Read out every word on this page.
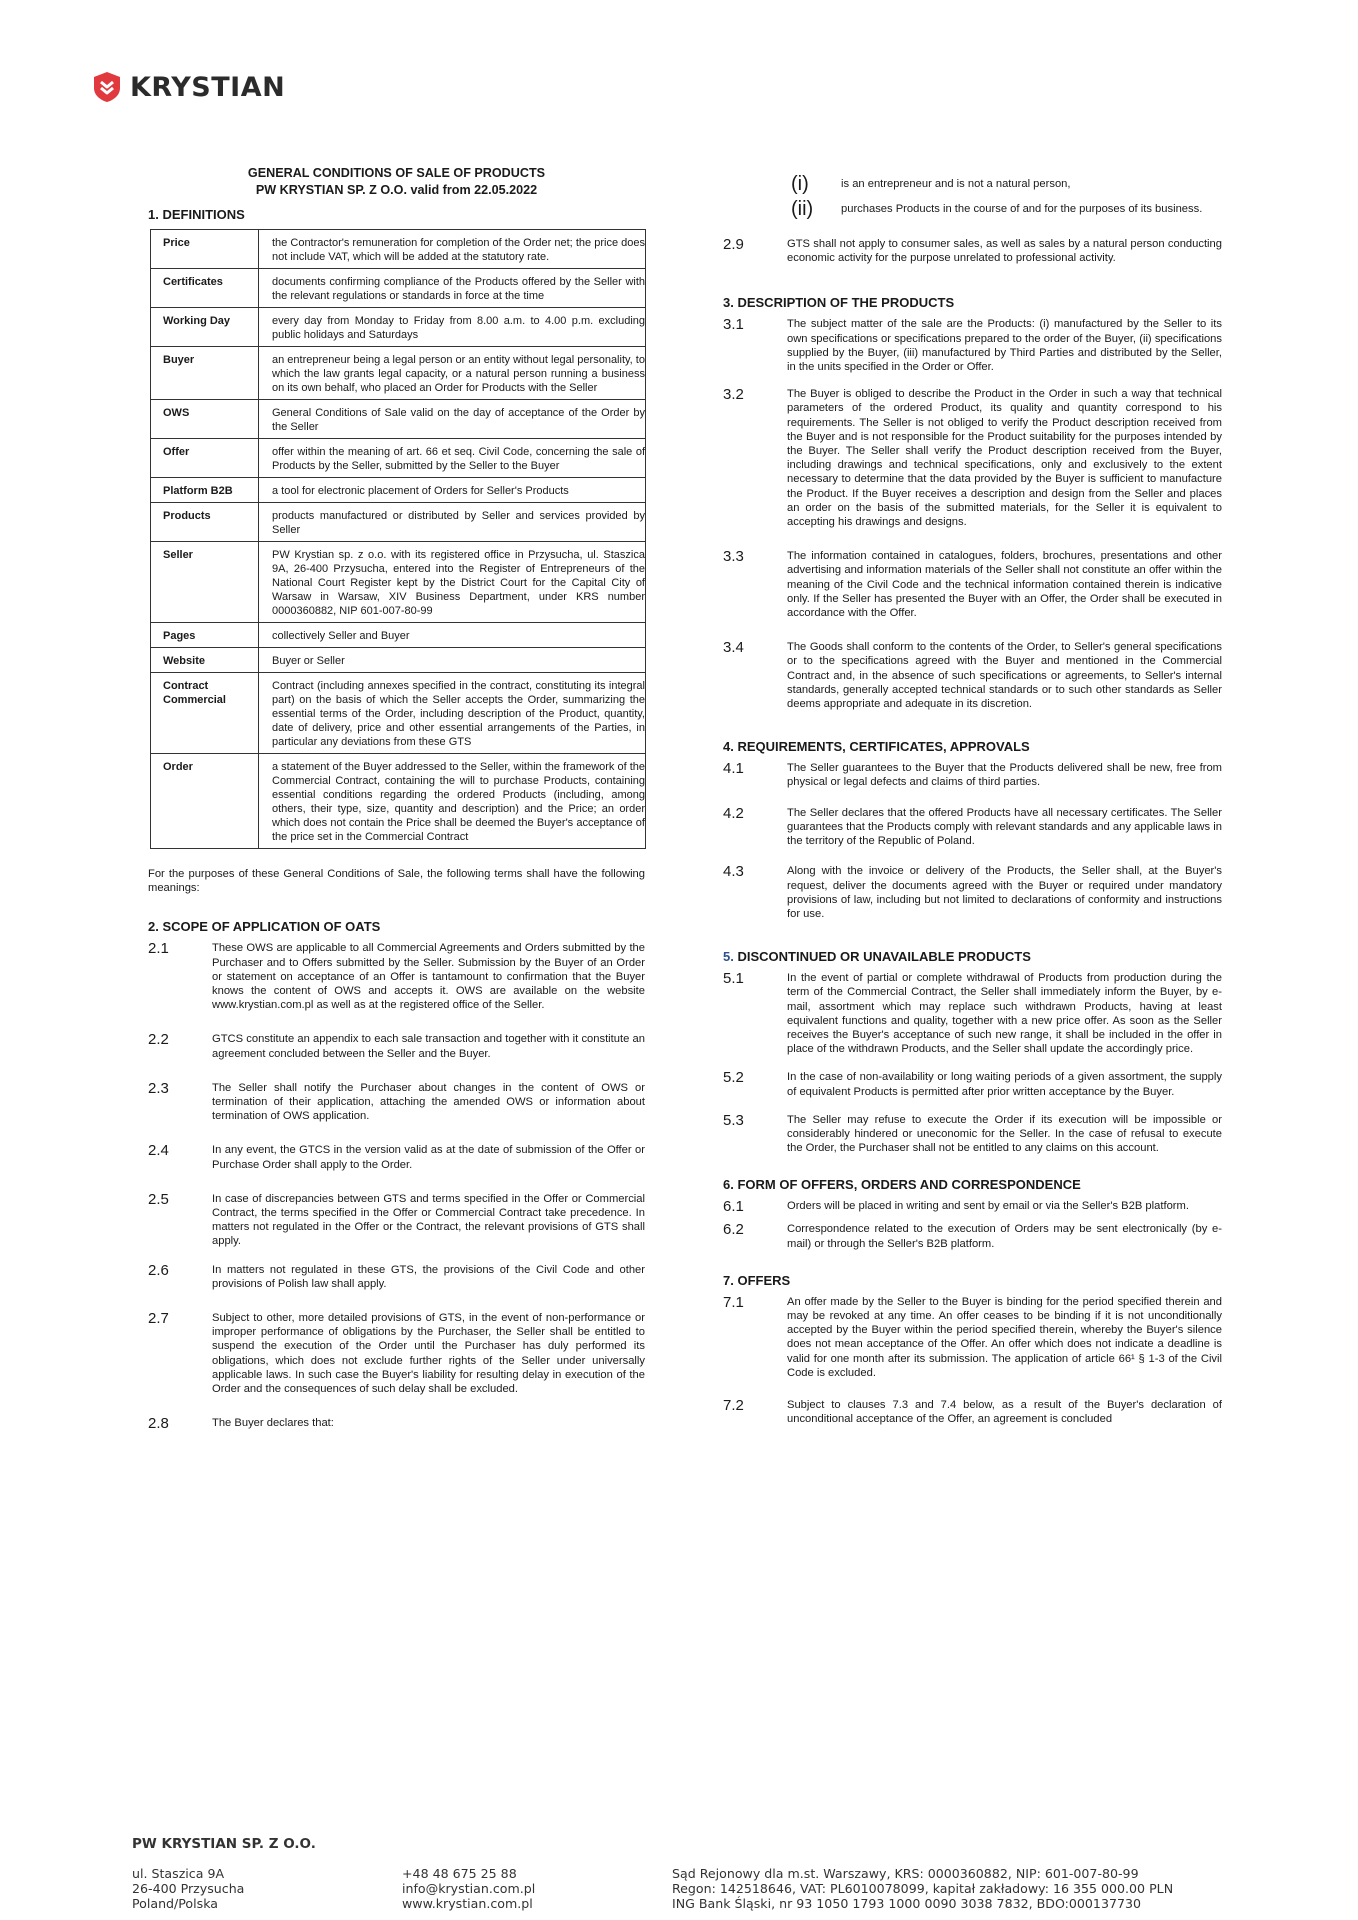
KRYSTIAN
GENERAL CONDITIONS OF SALE OF PRODUCTS
PW KRYSTIAN SP. Z O.O. valid from 22.05.2022
1. DEFINITIONS
Price	the Contractor's remuneration for completion of the Order net; the price does not include VAT, which will be added at the statutory rate.
Certificates	documents confirming compliance of the Products offered by the Seller with the relevant regulations or standards in force at the time
Working Day	every day from Monday to Friday from 8.00 a.m. to 4.00 p.m. excluding public holidays and Saturdays
Buyer	an entrepreneur being a legal person or an entity without legal personality, to which the law grants legal capacity, or a natural person running a business on its own behalf, who placed an Order for Products with the Seller
OWS	General Conditions of Sale valid on the day of acceptance of the Order by the Seller
Offer	offer within the meaning of art. 66 et seq. Civil Code, concerning the sale of Products by the Seller, submitted by the Seller to the Buyer
Platform B2B	a tool for electronic placement of Orders for Seller's Products
Products	products manufactured or distributed by Seller and services provided by Seller
Seller	PW Krystian sp. z o.o. with its registered office in Przysucha, ul. Staszica 9A, 26-400 Przysucha, entered into the Register of Entrepreneurs of the National Court Register kept by the District Court for the Capital City of Warsaw in Warsaw, XIV Business Department, under KRS number 0000360882, NIP 601-007-80-99
Pages	collectively Seller and Buyer
Website	Buyer or Seller
Contract Commercial	Contract (including annexes specified in the contract, constituting its integral part) on the basis of which the Seller accepts the Order, summarizing the essential terms of the Order, including description of the Product, quantity, date of delivery, price and other essential arrangements of the Parties, in particular any deviations from these GTS
Order	a statement of the Buyer addressed to the Seller, within the framework of the Commercial Contract, containing the will to purchase Products, containing essential conditions regarding the ordered Products (including, among others, their type, size, quantity and description) and the Price; an order which does not contain the Price shall be deemed the Buyer's acceptance of the price set in the Commercial Contract
For the purposes of these General Conditions of Sale, the following terms shall have the following meanings:
2. SCOPE OF APPLICATION OF OATS
2.1	These OWS are applicable to all Commercial Agreements and Orders submitted by the Purchaser and to Offers submitted by the Seller. Submission by the Buyer of an Order or statement on acceptance of an Offer is tantamount to confirmation that the Buyer knows the content of OWS and accepts it. OWS are available on the website www.krystian.com.pl as well as at the registered office of the Seller.
2.2	GTCS constitute an appendix to each sale transaction and together with it constitute an agreement concluded between the Seller and the Buyer.
2.3	The Seller shall notify the Purchaser about changes in the content of OWS or termination of their application, attaching the amended OWS or information about termination of OWS application.
2.4	In any event, the GTCS in the version valid as at the date of submission of the Offer or Purchase Order shall apply to the Order.
2.5	In case of discrepancies between GTS and terms specified in the Offer or Commercial Contract, the terms specified in the Offer or Commercial Contract take precedence. In matters not regulated in the Offer or the Contract, the relevant provisions of GTS shall apply.
2.6	In matters not regulated in these GTS, the provisions of the Civil Code and other provisions of Polish law shall apply.
2.7	Subject to other, more detailed provisions of GTS, in the event of non-performance or improper performance of obligations by the Purchaser, the Seller shall be entitled to suspend the execution of the Order until the Purchaser has duly performed its obligations, which does not exclude further rights of the Seller under universally applicable laws. In such case the Buyer's liability for resulting delay in execution of the Order and the consequences of such delay shall be excluded.
2.8	The Buyer declares that:
(i)	is an entrepreneur and is not a natural person,
(ii)	purchases Products in the course of and for the purposes of its business.
2.9	GTS shall not apply to consumer sales, as well as sales by a natural person conducting economic activity for the purpose unrelated to professional activity.
3. DESCRIPTION OF THE PRODUCTS
3.1	The subject matter of the sale are the Products: (i) manufactured by the Seller to its own specifications or specifications prepared to the order of the Buyer, (ii) specifications supplied by the Buyer, (iii) manufactured by Third Parties and distributed by the Seller, in the units specified in the Order or Offer.
3.2	The Buyer is obliged to describe the Product in the Order in such a way that technical parameters of the ordered Product, its quality and quantity correspond to his requirements. The Seller is not obliged to verify the Product description received from the Buyer and is not responsible for the Product suitability for the purposes intended by the Buyer. The Seller shall verify the Product description received from the Buyer, including drawings and technical specifications, only and exclusively to the extent necessary to determine that the data provided by the Buyer is sufficient to manufacture the Product. If the Buyer receives a description and design from the Seller and places an order on the basis of the submitted materials, for the Seller it is equivalent to accepting his drawings and designs.
3.3	The information contained in catalogues, folders, brochures, presentations and other advertising and information materials of the Seller shall not constitute an offer within the meaning of the Civil Code and the technical information contained therein is indicative only. If the Seller has presented the Buyer with an Offer, the Order shall be executed in accordance with the Offer.
3.4	The Goods shall conform to the contents of the Order, to Seller's general specifications or to the specifications agreed with the Buyer and mentioned in the Commercial Contract and, in the absence of such specifications or agreements, to Seller's internal standards, generally accepted technical standards or to such other standards as Seller deems appropriate and adequate in its discretion.
4. REQUIREMENTS, CERTIFICATES, APPROVALS
4.1	The Seller guarantees to the Buyer that the Products delivered shall be new, free from physical or legal defects and claims of third parties.
4.2	The Seller declares that the offered Products have all necessary certificates. The Seller guarantees that the Products comply with relevant standards and any applicable laws in the territory of the Republic of Poland.
4.3	Along with the invoice or delivery of the Products, the Seller shall, at the Buyer's request, deliver the documents agreed with the Buyer or required under mandatory provisions of law, including but not limited to declarations of conformity and instructions for use.
5. DISCONTINUED OR UNAVAILABLE PRODUCTS
5.1	In the event of partial or complete withdrawal of Products from production during the term of the Commercial Contract, the Seller shall immediately inform the Buyer, by e-mail, assortment which may replace such withdrawn Products, having at least equivalent functions and quality, together with a new price offer. As soon as the Seller receives the Buyer's acceptance of such new range, it shall be included in the offer in place of the withdrawn Products, and the Seller shall update the accordingly price.
5.2	In the case of non-availability or long waiting periods of a given assortment, the supply of equivalent Products is permitted after prior written acceptance by the Buyer.
5.3	The Seller may refuse to execute the Order if its execution will be impossible or considerably hindered or uneconomic for the Seller. In the case of refusal to execute the Order, the Purchaser shall not be entitled to any claims on this account.
6. FORM OF OFFERS, ORDERS AND CORRESPONDENCE
6.1	Orders will be placed in writing and sent by email or via the Seller's B2B platform.
6.2	Correspondence related to the execution of Orders may be sent electronically (by e-mail) or through the Seller's B2B platform.
7. OFFERS
7.1	An offer made by the Seller to the Buyer is binding for the period specified therein and may be revoked at any time. An offer ceases to be binding if it is not unconditionally accepted by the Buyer within the period specified therein, whereby the Buyer's silence does not mean acceptance of the Offer. An offer which does not indicate a deadline is valid for one month after its submission. The application of article 66¹ § 1-3 of the Civil Code is excluded.
7.2	Subject to clauses 7.3 and 7.4 below, as a result of the Buyer's declaration of unconditional acceptance of the Offer, an agreement is concluded
PW KRYSTIAN SP. Z O.O.
ul. Staszica 9A
26-400 Przysucha
Poland/Polska
+48 48 675 25 88
info@krystian.com.pl
www.krystian.com.pl
Sąd Rejonowy dla m.st. Warszawy, KRS: 0000360882, NIP: 601-007-80-99
Regon: 142518646, VAT: PL6010078099, kapitał zakładowy: 16 355 000.00 PLN
ING Bank Śląski, nr 93 1050 1793 1000 0090 3038 7832, BDO:000137730
